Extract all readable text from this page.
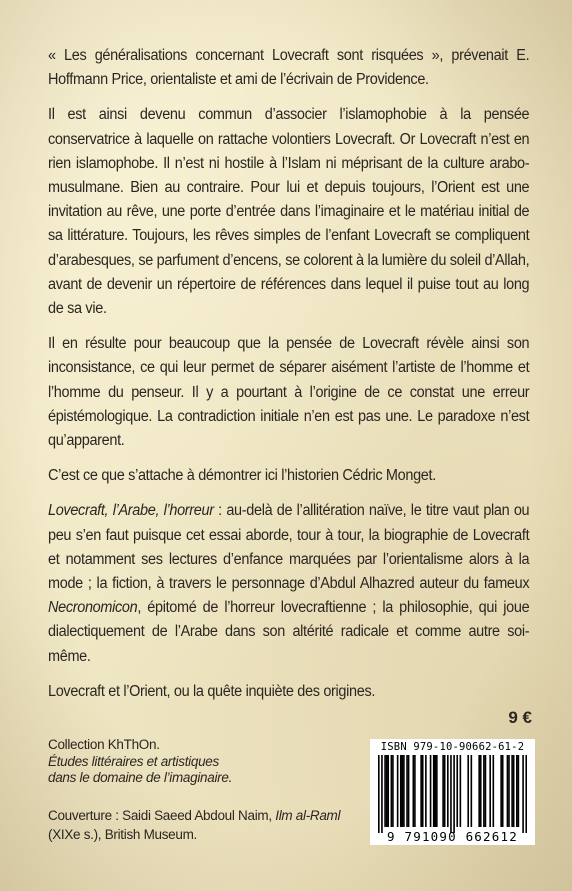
« Les généralisations concernant Lovecraft sont risquées », prévenait E. Hoffmann Price, orientaliste et ami de l’écrivain de Providence.

Il est ainsi devenu commun d’associer l’islamophobie à la pensée conservatrice à laquelle on rattache volontiers Lovecraft. Or Lovecraft n’est en rien islamophobe. Il n’est ni hostile à l’Islam ni méprisant de la culture arabo-musulmane. Bien au contraire. Pour lui et depuis toujours, l’Orient est une invitation au rêve, une porte d’entrée dans l’imaginaire et le matériau initial de sa littérature. Toujours, les rêves simples de l’enfant Lovecraft se compliquent d’arabesques, se parfument d’encens, se colorent à la lumière du soleil d’Allah, avant de devenir un répertoire de références dans lequel il puise tout au long de sa vie.

Il en résulte pour beaucoup que la pensée de Lovecraft révèle ainsi son inconsistance, ce qui leur permet de séparer aisément l’artiste de l’homme et l’homme du penseur. Il y a pourtant à l’origine de ce constat une erreur épistémologique. La contradiction initiale n’en est pas une. Le paradoxe n’est qu’apparent.

C’est ce que s’attache à démontrer ici l’historien Cédric Monget.

Lovecraft, l’Arabe, l’horreur : au-delà de l’allitération naïve, le titre vaut plan ou peu s’en faut puisque cet essai aborde, tour à tour, la biographie de Lovecraft et notamment ses lectures d’enfance marquées par l’orientalisme alors à la mode ; la fiction, à travers le personnage d’Abdul Alhazred auteur du fameux Necronomicon, épitomé de l’horreur lovecraftienne ; la philosophie, qui joue dialectiquement de l’Arabe dans son altérité radicale et comme autre soi-même.

Lovecraft et l’Orient, ou la quête inquiète des origines.

9 €
Collection KhThOn.
Études littéraires et artistiques
dans le domaine de l’imaginaire.
Couverture : Saidi Saeed Abdoul Naim, Ilm al-Raml
(XIXe s.), British Museum.
ISBN 979-10-90662-61-2
9 791090 662612
